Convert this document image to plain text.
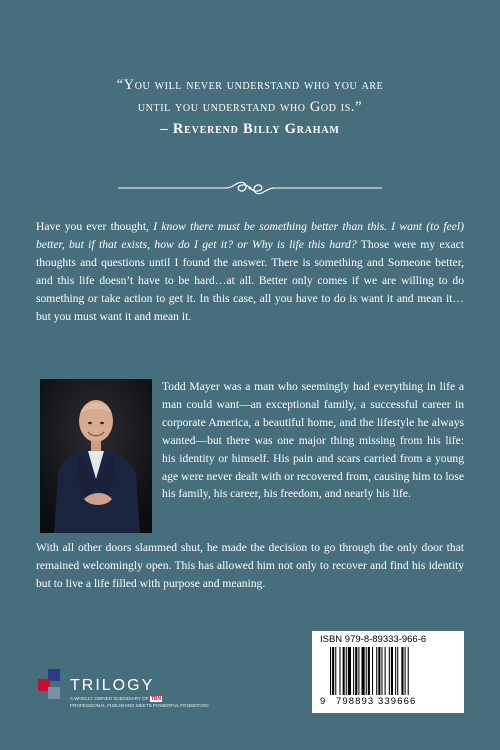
“You will never understand who you are
until you understand who God is.”
– Reverend Billy Graham
Have you ever thought, I know there must be something better than this. I want (to feel) better, but if that exists, how do I get it? or Why is life this hard? Those were my exact thoughts and questions until I found the answer. There is something and Someone better, and this life doesn’t have to be hard…at all. Better only comes if we are willing to do something or take action to get it. In this case, all you have to do is want it and mean it…but you must want it and mean it.
Todd Mayer was a man who seemingly had everything in life a man could want—an exceptional family, a successful career in corporate America, a beautiful home, and the lifestyle he always wanted—but there was one major thing missing from his life: his identity or himself. His pain and scars carried from a young age were never dealt with or recovered from, causing him to lose his family, his career, his freedom, and nearly his life.
With all other doors slammed shut, he made the decision to go through the only door that remained welcomingly open. This has allowed him not only to recover and find his identity but to live a life filled with purpose and meaning.
TRILOGY
A WHOLLY OWNED SUBSIDIARY OF TBN
PROFESSIONAL PUBLISHING MEETS POWERFUL PROMOTION
ISBN 979-8-89333-966-6
9 798893 339666
